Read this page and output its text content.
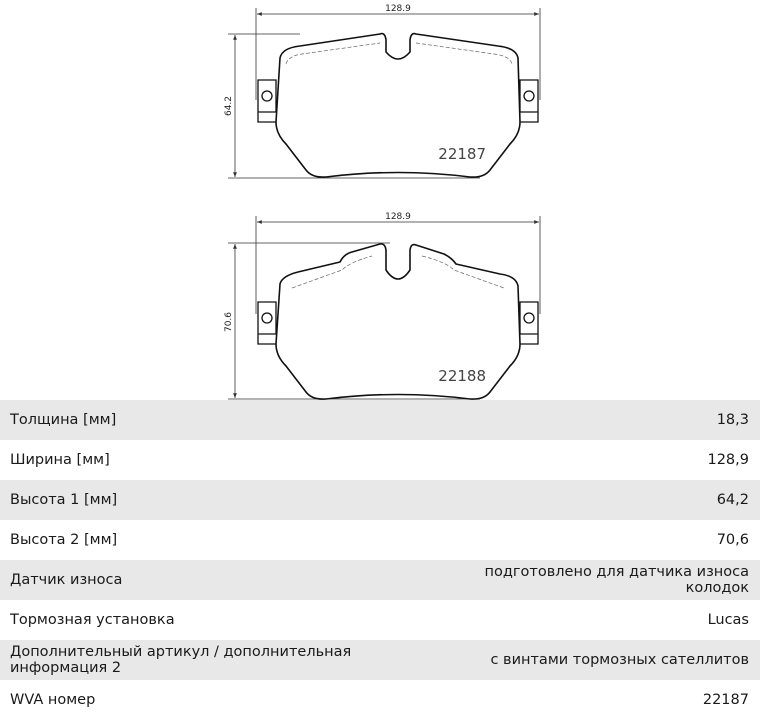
128.9
64.2
22187
128.9
70.6
22188
Толщина [мм]	18,3
Ширина [мм]	128,9
Высота 1 [мм]	64,2
Высота 2 [мм]	70,6
Датчик износа	подготовлено для датчика износа колодок
Тормозная установка	Lucas
Дополнительный артикул / дополнительная информация 2	с винтами тормозных сателлитов
WVA номер	22187
